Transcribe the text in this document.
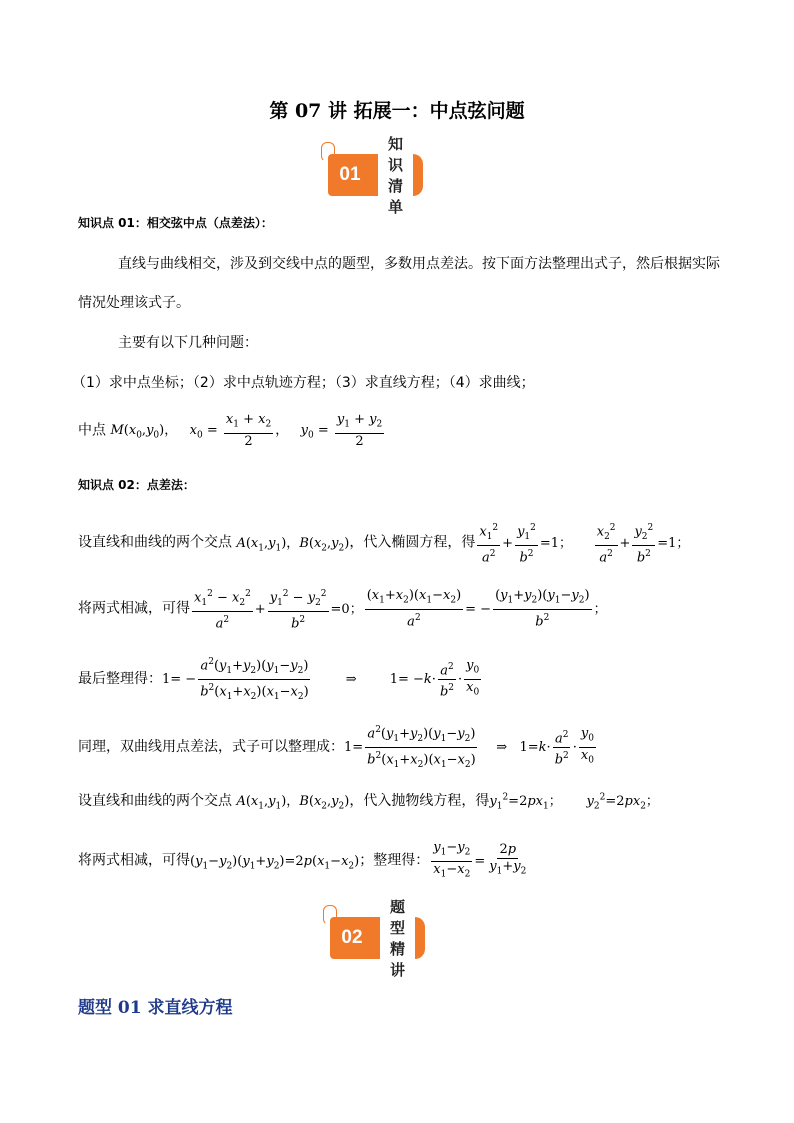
第 07 讲 拓展一：中点弦问题
01
知识清单
知识点 01：相交弦中点（点差法）：
直线与曲线相交，涉及到交线中点的题型，多数用点差法。按下面方法整理出式子，然后根据实际
情况处理该式子。
主要有以下几种问题：
（1）求中点坐标；（2）求中点轨迹方程；（3）求直线方程；（4）求曲线；
中点 $M(x_0,y_0)$，   $x_0 = \frac{x_1 + x_2}{2}$ ，   $y_0 = \frac{y_1 + y_2}{2}$
知识点 02：点差法：
设直线和曲线的两个交点 $A(x_1,y_1)$，$B(x_2,y_2)$，代入椭圆方程，得 $\frac{x_1^2}{a^2} + \frac{y_1^2}{b^2} =1$； $\frac{x_2^2}{a^2} + \frac{y_2^2}{b^2} =1$；
将两式相减，可得 $\frac{x_1^2 - x_2^2}{a^2} + \frac{y_1^2 - y_2^2}{b^2} =0$； $\frac{(x_1+x_2)(x_1-x_2)}{a^2}$ = − $\frac{(y_1+y_2)(y_1-y_2)}{b^2}$ ；
最后整理得：$1= - \frac{a^2(y_1+y_2)(y_1-y_2)}{b^2(x_1+x_2)(x_1-x_2)}$ ⇒        $1= -k\cdot \frac{a^2}{b^2} \cdot \frac{y_0}{x_0}$
同理，双曲线用点差法，式子可以整理成：$1= \frac{a^2(y_1+y_2)(y_1-y_2)}{b^2(x_1+x_2)(x_1-x_2)}$ ⇒   $1=k\cdot \frac{a^2}{b^2} \cdot \frac{y_0}{x_0}$
设直线和曲线的两个交点 $A(x_1,y_1)$，$B(x_2,y_2)$，代入抛物线方程，得$y_1^2=2px_1$；      $y_2^2=2px_2$；
将两式相减，可得$(y_1-y_2)(y_1+y_2)=2p(x_1-x_2)$；整理得： $\frac{y_1-y_2}{x_1-x_2} = \frac{2p}{y_1+y_2}$
02
题型精讲
题型 01 求直线方程
